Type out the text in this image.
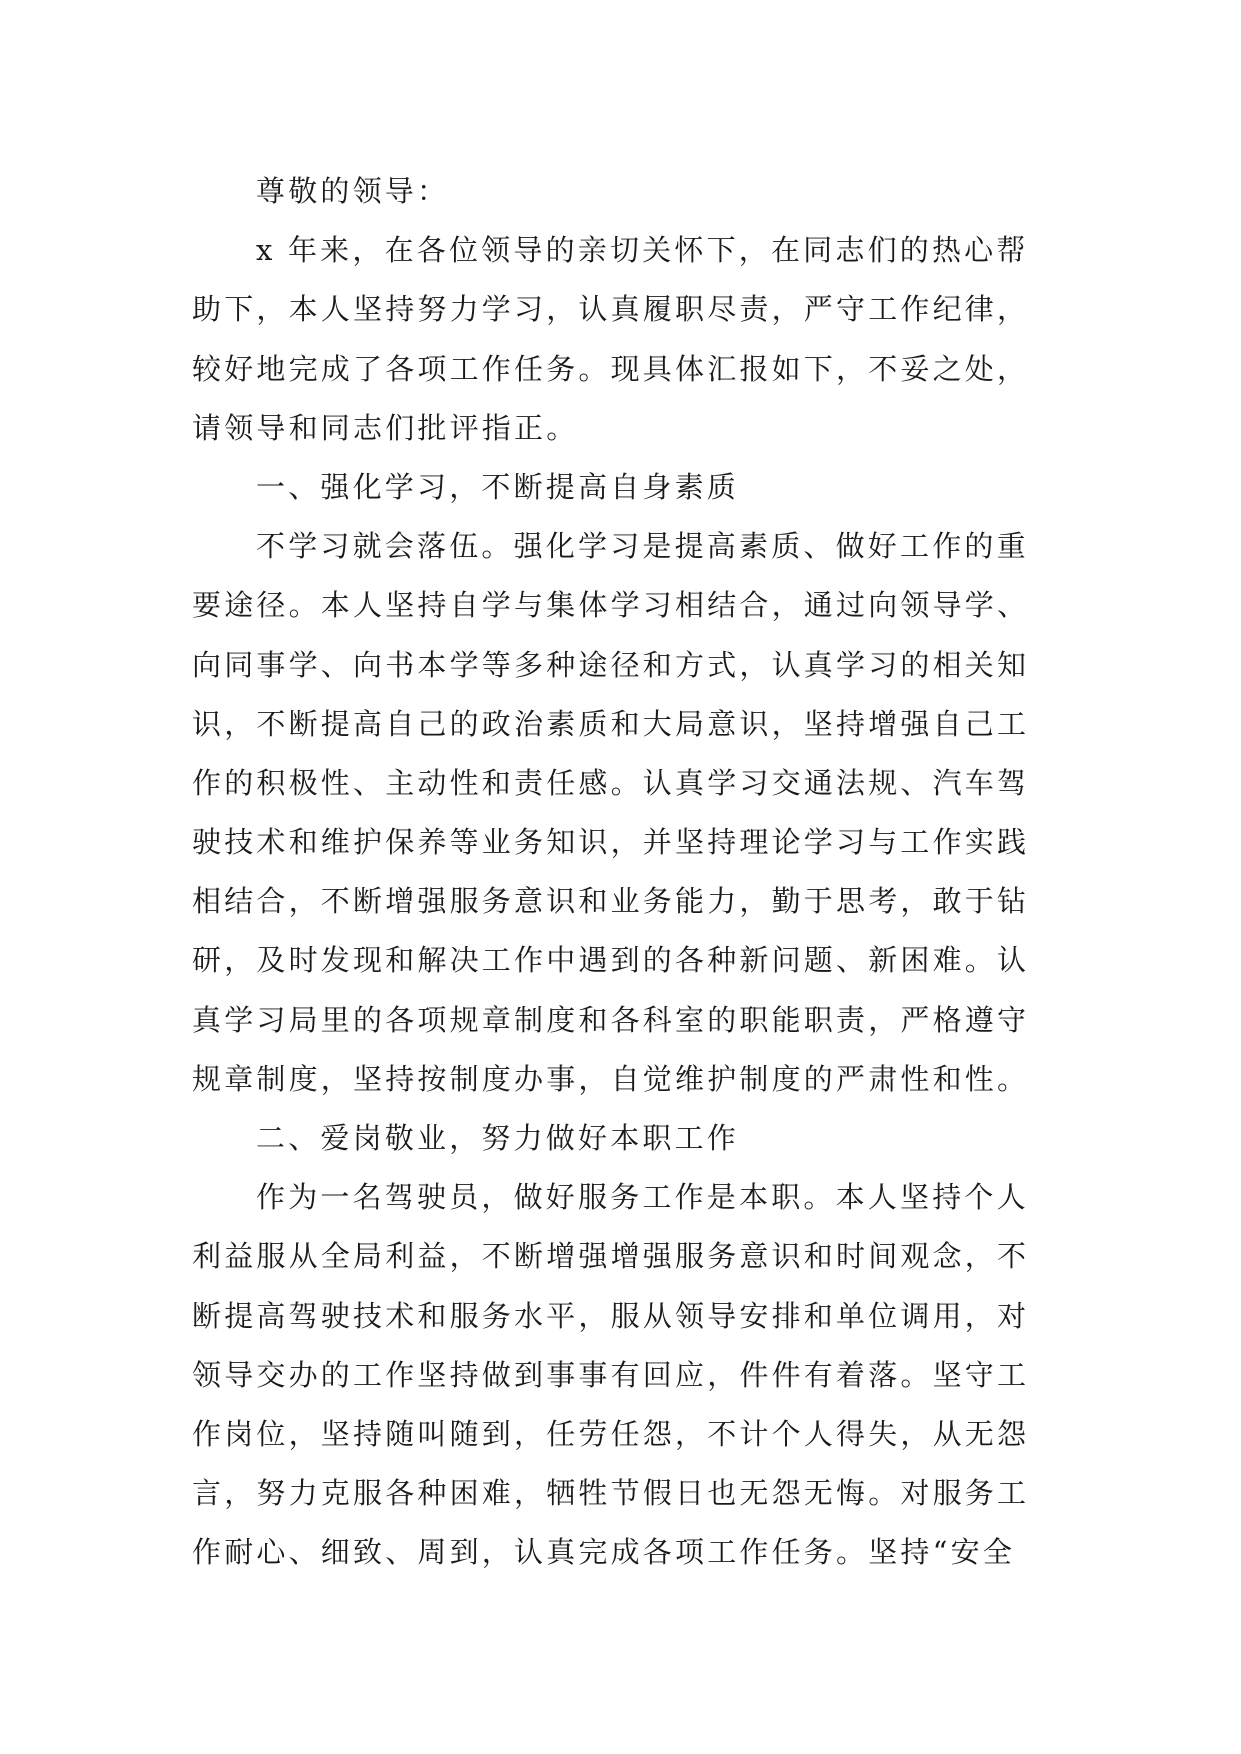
尊敬的领导：
x 年来，在各位领导的亲切关怀下，在同志们的热心帮
助下，本人坚持努力学习，认真履职尽责，严守工作纪律，
较好地完成了各项工作任务。现具体汇报如下，不妥之处，
请领导和同志们批评指正。
一、强化学习，不断提高自身素质
不学习就会落伍。强化学习是提高素质、做好工作的重
要途径。本人坚持自学与集体学习相结合，通过向领导学、
向同事学、向书本学等多种途径和方式，认真学习的相关知
识，不断提高自己的政治素质和大局意识，坚持增强自己工
作的积极性、主动性和责任感。认真学习交通法规、汽车驾
驶技术和维护保养等业务知识，并坚持理论学习与工作实践
相结合，不断增强服务意识和业务能力，勤于思考，敢于钻
研，及时发现和解决工作中遇到的各种新问题、新困难。认
真学习局里的各项规章制度和各科室的职能职责，严格遵守
规章制度，坚持按制度办事，自觉维护制度的严肃性和性。
二、爱岗敬业，努力做好本职工作
作为一名驾驶员，做好服务工作是本职。本人坚持个人
利益服从全局利益，不断增强增强服务意识和时间观念，不
断提高驾驶技术和服务水平，服从领导安排和单位调用，对
领导交办的工作坚持做到事事有回应，件件有着落。坚守工
作岗位，坚持随叫随到，任劳任怨，不计个人得失，从无怨
言，努力克服各种困难，牺牲节假日也无怨无悔。对服务工
作耐心、细致、周到，认真完成各项工作任务。坚持“安全
